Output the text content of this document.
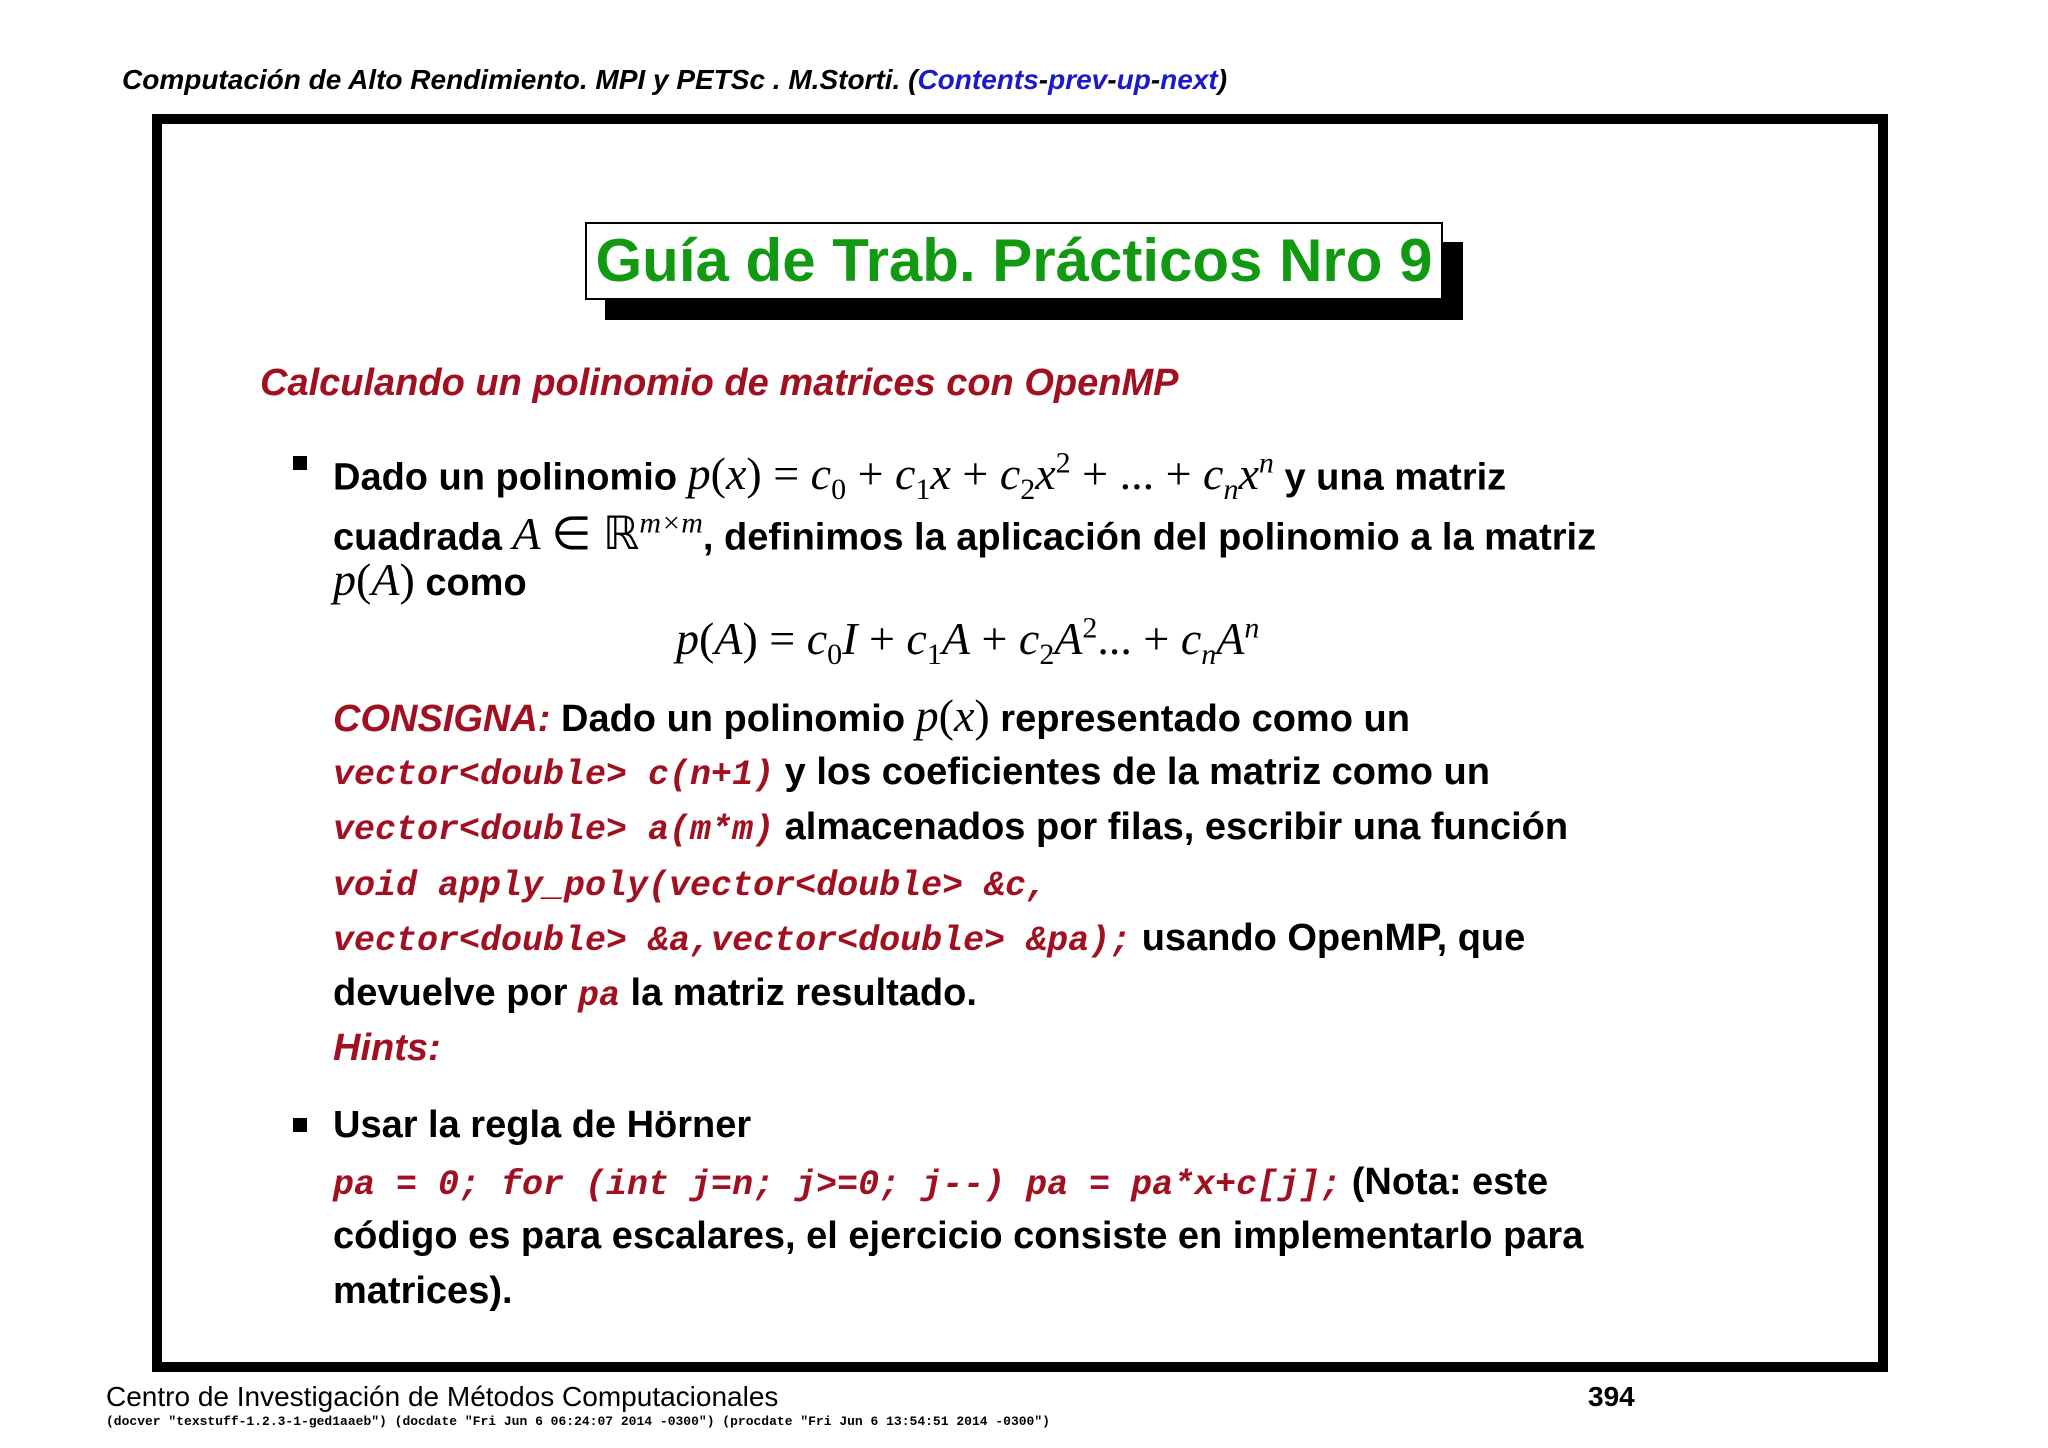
Computación de Alto Rendimiento. MPI y PETSc . M.Storti. (Contents-prev-up-next)
Guía de Trab. Prácticos Nro 9
Calculando un polinomio de matrices con OpenMP
Dado un polinomio $p(x) = c_0 + c_1x + c_2x^2$ + ... + $c_nx^n$ y una matriz
cuadrada A ∈ ℝ$^{m\times m}$, definimos la aplicación del polinomio a la matriz
p(A) como
$p(A) = c_0I + c_1A + c_2A^2$... + $c_nA^n$
CONSIGNA: Dado un polinomio p(x) representado como un
vector<double> c(n+1) y los coeficientes de la matriz como un
vector<double> a(m*m) almacenados por filas, escribir una función
void apply_poly(vector<double> &c,
vector<double> &a,vector<double> &pa); usando OpenMP, que
devuelve por pa la matriz resultado.
Hints:
Usar la regla de Hörner
pa = 0; for (int j=n; j>=0; j--) pa = pa*x+c[j]; (Nota: este
código es para escalares, el ejercicio consiste en implementarlo para
matrices).
Centro de Investigación de Métodos Computacionales	394
(docver "texstuff-1.2.3-1-ged1aaeb") (docdate "Fri Jun 6 06:24:07 2014 -0300") (procdate "Fri Jun 6 13:54:51 2014 -0300")
